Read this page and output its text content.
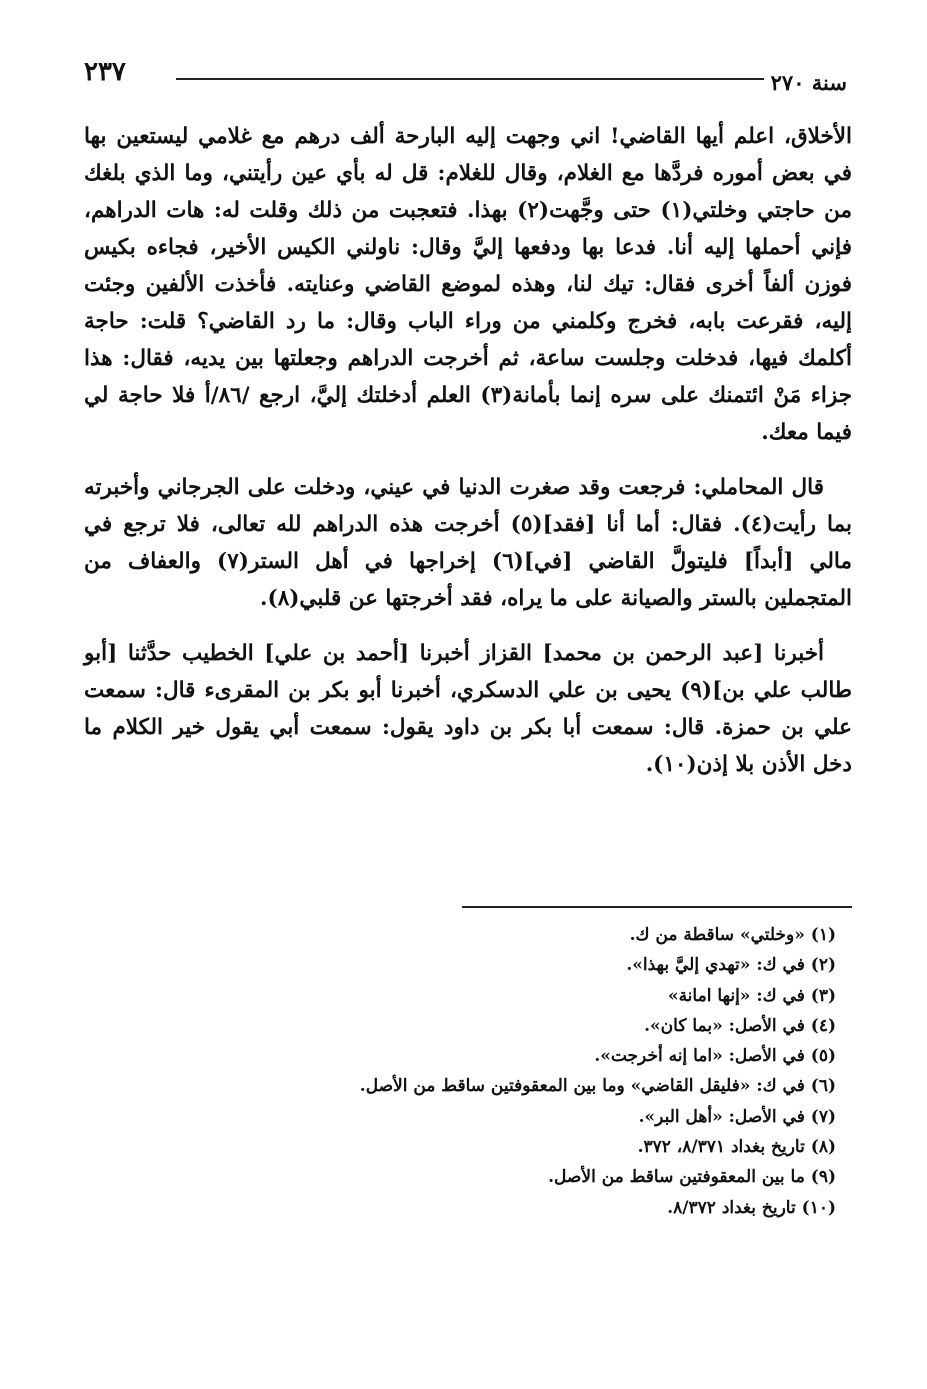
٢٣٧	سنة ٢٧٠

الأخلاق، اعلم أيها القاضي! اني وجهت إليه البارحة ألف درهم مع غلامي ليستعين بها في بعض أموره فردَّها مع الغلام، وقال للغلام: قل له بأي عين رأيتني، وما الذي بلغك من حاجتي وخلتي(١) حتى وجَّهت(٢) بهذا. فتعجبت من ذلك وقلت له: هات الدراهم، فإني أحملها إليه أنا. فدعا بها ودفعها إليَّ وقال: ناولني الكيس الأخير، فجاءه بكيس فوزن ألفاً أخرى فقال: تيك لنا، وهذه لموضع القاضي وعنايته. فأخذت الألفين وجئت إليه، فقرعت بابه، فخرج وكلمني من وراء الباب وقال: ما رد القاضي؟ قلت: حاجة أكلمك فيها، فدخلت وجلست ساعة، ثم أخرجت الدراهم وجعلتها بين يديه، فقال: هذا جزاء مَنْ ائتمنك على سره إنما بأمانة(٣) العلم أدخلتك إليَّ، ارجع /٨٦/أ فلا حاجة لي فيما معك.

قال المحاملي: فرجعت وقد صغرت الدنيا في عيني، ودخلت على الجرجاني وأخبرته بما رأيت(٤). فقال: أما أنا [فقد](٥) أخرجت هذه الدراهم لله تعالى، فلا ترجع في مالي [أبداً] فليتولَّ القاضي [في](٦) إخراجها في أهل الستر(٧) والعفاف من المتجملين بالستر والصيانة على ما يراه، فقد أخرجتها عن قلبي(٨).

أخبرنا [عبد الرحمن بن محمد] القزاز أخبرنا [أحمد بن علي] الخطيب حدَّثنا [أبو طالب علي بن](٩) يحيى بن علي الدسكري، أخبرنا أبو بكر بن المقرىء قال: سمعت علي بن حمزة. قال: سمعت أبا بكر بن داود يقول: سمعت أبي يقول خير الكلام ما دخل الأذن بلا إذن(١٠).

(١) «وخلتي» ساقطة من ك.
(٢) في ك: «تهدي إليَّ بهذا».
(٣) في ك: «إنها امانة»
(٤) في الأصل: «بما كان».
(٥) في الأصل: «اما إنه أخرجت».
(٦) في ك: «فليقل القاضي» وما بين المعقوفتين ساقط من الأصل.
(٧) في الأصل: «أهل البر».
(٨) تاريخ بغداد ٨/٣٧١، ٣٧٢.
(٩) ما بين المعقوفتين ساقط من الأصل.
(١٠) تاريخ بغداد ٨/٣٧٢.
